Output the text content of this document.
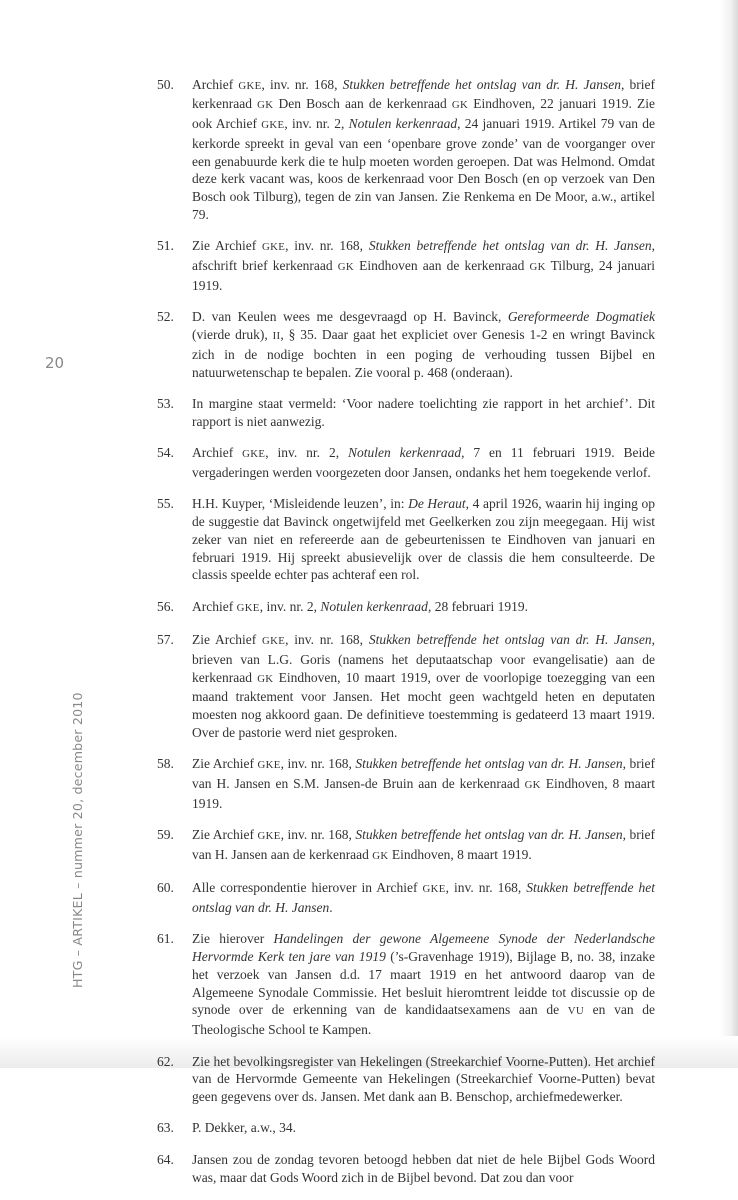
20
HTG – ARTIKEL – nummer 20, december 2010

50. Archief GKE, inv. nr. 168, Stukken betreffende het ontslag van dr. H. Jansen, brief kerkenraad GK Den Bosch aan de kerkenraad GK Eindhoven, 22 januari 1919. Zie ook Archief GKE, inv. nr. 2, Notulen kerkenraad, 24 januari 1919. Artikel 79 van de kerkorde spreekt in geval van een ‘openbare grove zonde’ van de voorganger over een genabuurde kerk die te hulp moeten worden geroepen. Dat was Helmond. Omdat deze kerk vacant was, koos de kerkenraad voor Den Bosch (en op verzoek van Den Bosch ook Tilburg), tegen de zin van Jansen. Zie Renkema en De Moor, a.w., artikel 79.

51. Zie Archief GKE, inv. nr. 168, Stukken betreffende het ontslag van dr. H. Jansen, afschrift brief kerkenraad GK Eindhoven aan de kerkenraad GK Tilburg, 24 januari 1919.

52. D. van Keulen wees me desgevraagd op H. Bavinck, Gereformeerde Dogmatiek (vierde druk), II, § 35. Daar gaat het expliciet over Genesis 1-2 en wringt Bavinck zich in de nodige bochten in een poging de verhouding tussen Bijbel en natuurwetenschap te bepalen. Zie vooral p. 468 (onderaan).

53. In margine staat vermeld: ‘Voor nadere toelichting zie rapport in het archief’. Dit rapport is niet aanwezig.

54. Archief GKE, inv. nr. 2, Notulen kerkenraad, 7 en 11 februari 1919. Beide vergaderingen werden voorgezeten door Jansen, ondanks het hem toegekende verlof.

55. H.H. Kuyper, ‘Misleidende leuzen’, in: De Heraut, 4 april 1926, waarin hij inging op de suggestie dat Bavinck ongetwijfeld met Geelkerken zou zijn meegegaan. Hij wist zeker van niet en refereerde aan de gebeurtenissen te Eindhoven van januari en februari 1919. Hij spreekt abusievelijk over de classis die hem consulteerde. De classis speelde echter pas achteraf een rol.

56. Archief GKE, inv. nr. 2, Notulen kerkenraad, 28 februari 1919.

57. Zie Archief GKE, inv. nr. 168, Stukken betreffende het ontslag van dr. H. Jansen, brieven van L.G. Goris (namens het deputaatschap voor evangelisatie) aan de kerkenraad GK Eindhoven, 10 maart 1919, over de voorlopige toezegging van een maand traktement voor Jansen. Het mocht geen wachtgeld heten en deputaten moesten nog akkoord gaan. De definitieve toestemming is gedateerd 13 maart 1919. Over de pastorie werd niet gesproken.

58. Zie Archief GKE, inv. nr. 168, Stukken betreffende het ontslag van dr. H. Jansen, brief van H. Jansen en S.M. Jansen-de Bruin aan de kerkenraad GK Eindhoven, 8 maart 1919.

59. Zie Archief GKE, inv. nr. 168, Stukken betreffende het ontslag van dr. H. Jansen, brief van H. Jansen aan de kerkenraad GK Eindhoven, 8 maart 1919.

60. Alle correspondentie hierover in Archief GKE, inv. nr. 168, Stukken betreffende het ontslag van dr. H. Jansen.

61. Zie hierover Handelingen der gewone Algemeene Synode der Nederlandsche Hervormde Kerk ten jare van 1919 (’s-Gravenhage 1919), Bijlage B, no. 38, inzake het verzoek van Jansen d.d. 17 maart 1919 en het antwoord daarop van de Algemeene Synodale Commissie. Het besluit hieromtrent leidde tot discussie op de synode over de erkenning van de kandidaatsexamens aan de VU en van de Theologische School te Kampen.

62. Zie het bevolkingsregister van Hekelingen (Streekarchief Voorne-Putten). Het archief van de Hervormde Gemeente van Hekelingen (Streekarchief Voorne-Putten) bevat geen gegevens over ds. Jansen. Met dank aan B. Benschop, archiefmedewerker.

63. P. Dekker, a.w., 34.

64. Jansen zou de zondag tevoren betoogd hebben dat niet de hele Bijbel Gods Woord was, maar dat Gods Woord zich in de Bijbel bevond. Dat zou dan voor
